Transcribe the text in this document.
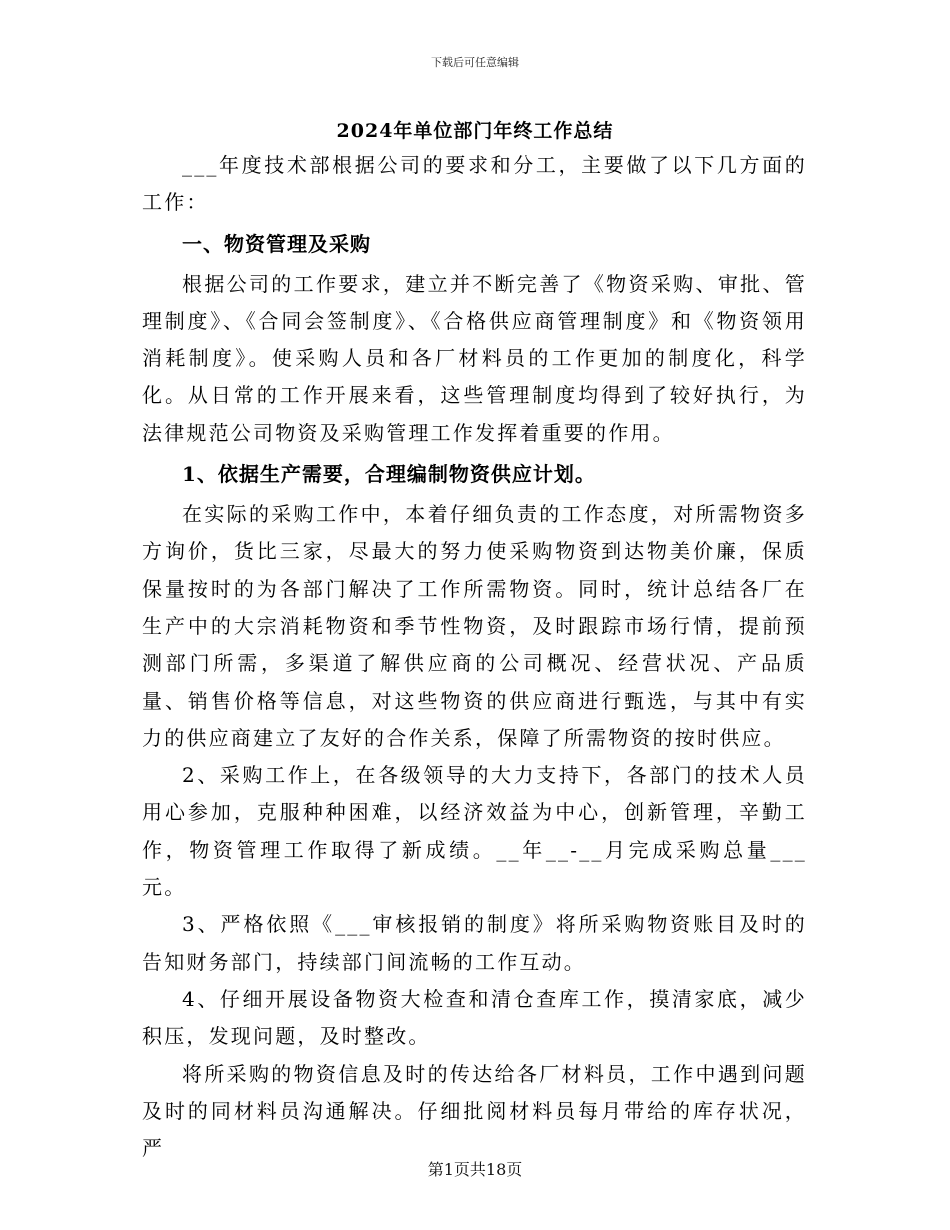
下载后可任意编辑
2024年单位部门年终工作总结

___年度技术部根据公司的要求和分工，主要做了以下几方面的工作：

一、物资管理及采购

根据公司的工作要求，建立并不断完善了《物资采购、审批、管理制度》、《合同会签制度》、《合格供应商管理制度》和《物资领用消耗制度》。使采购人员和各厂材料员的工作更加的制度化，科学化。从日常的工作开展来看，这些管理制度均得到了较好执行，为法律规范公司物资及采购管理工作发挥着重要的作用。

1、依据生产需要，合理编制物资供应计划。

在实际的采购工作中，本着仔细负责的工作态度，对所需物资多方询价，货比三家，尽最大的努力使采购物资到达物美价廉，保质保量按时的为各部门解决了工作所需物资。同时，统计总结各厂在生产中的大宗消耗物资和季节性物资，及时跟踪市场行情，提前预测部门所需，多渠道了解供应商的公司概况、经营状况、产品质量、销售价格等信息，对这些物资的供应商进行甄选，与其中有实力的供应商建立了友好的合作关系，保障了所需物资的按时供应。

2、采购工作上，在各级领导的大力支持下，各部门的技术人员用心参加，克服种种困难，以经济效益为中心，创新管理，辛勤工作，物资管理工作取得了新成绩。__年__-__月完成采购总量___元。

3、严格依照《___审核报销的制度》将所采购物资账目及时的告知财务部门，持续部门间流畅的工作互动。

4、仔细开展设备物资大检查和清仓查库工作，摸清家底，减少积压，发现问题，及时整改。

将所采购的物资信息及时的传达给各厂材料员，工作中遇到问题及时的同材料员沟通解决。仔细批阅材料员每月带给的库存状况，严

第1页共18页
